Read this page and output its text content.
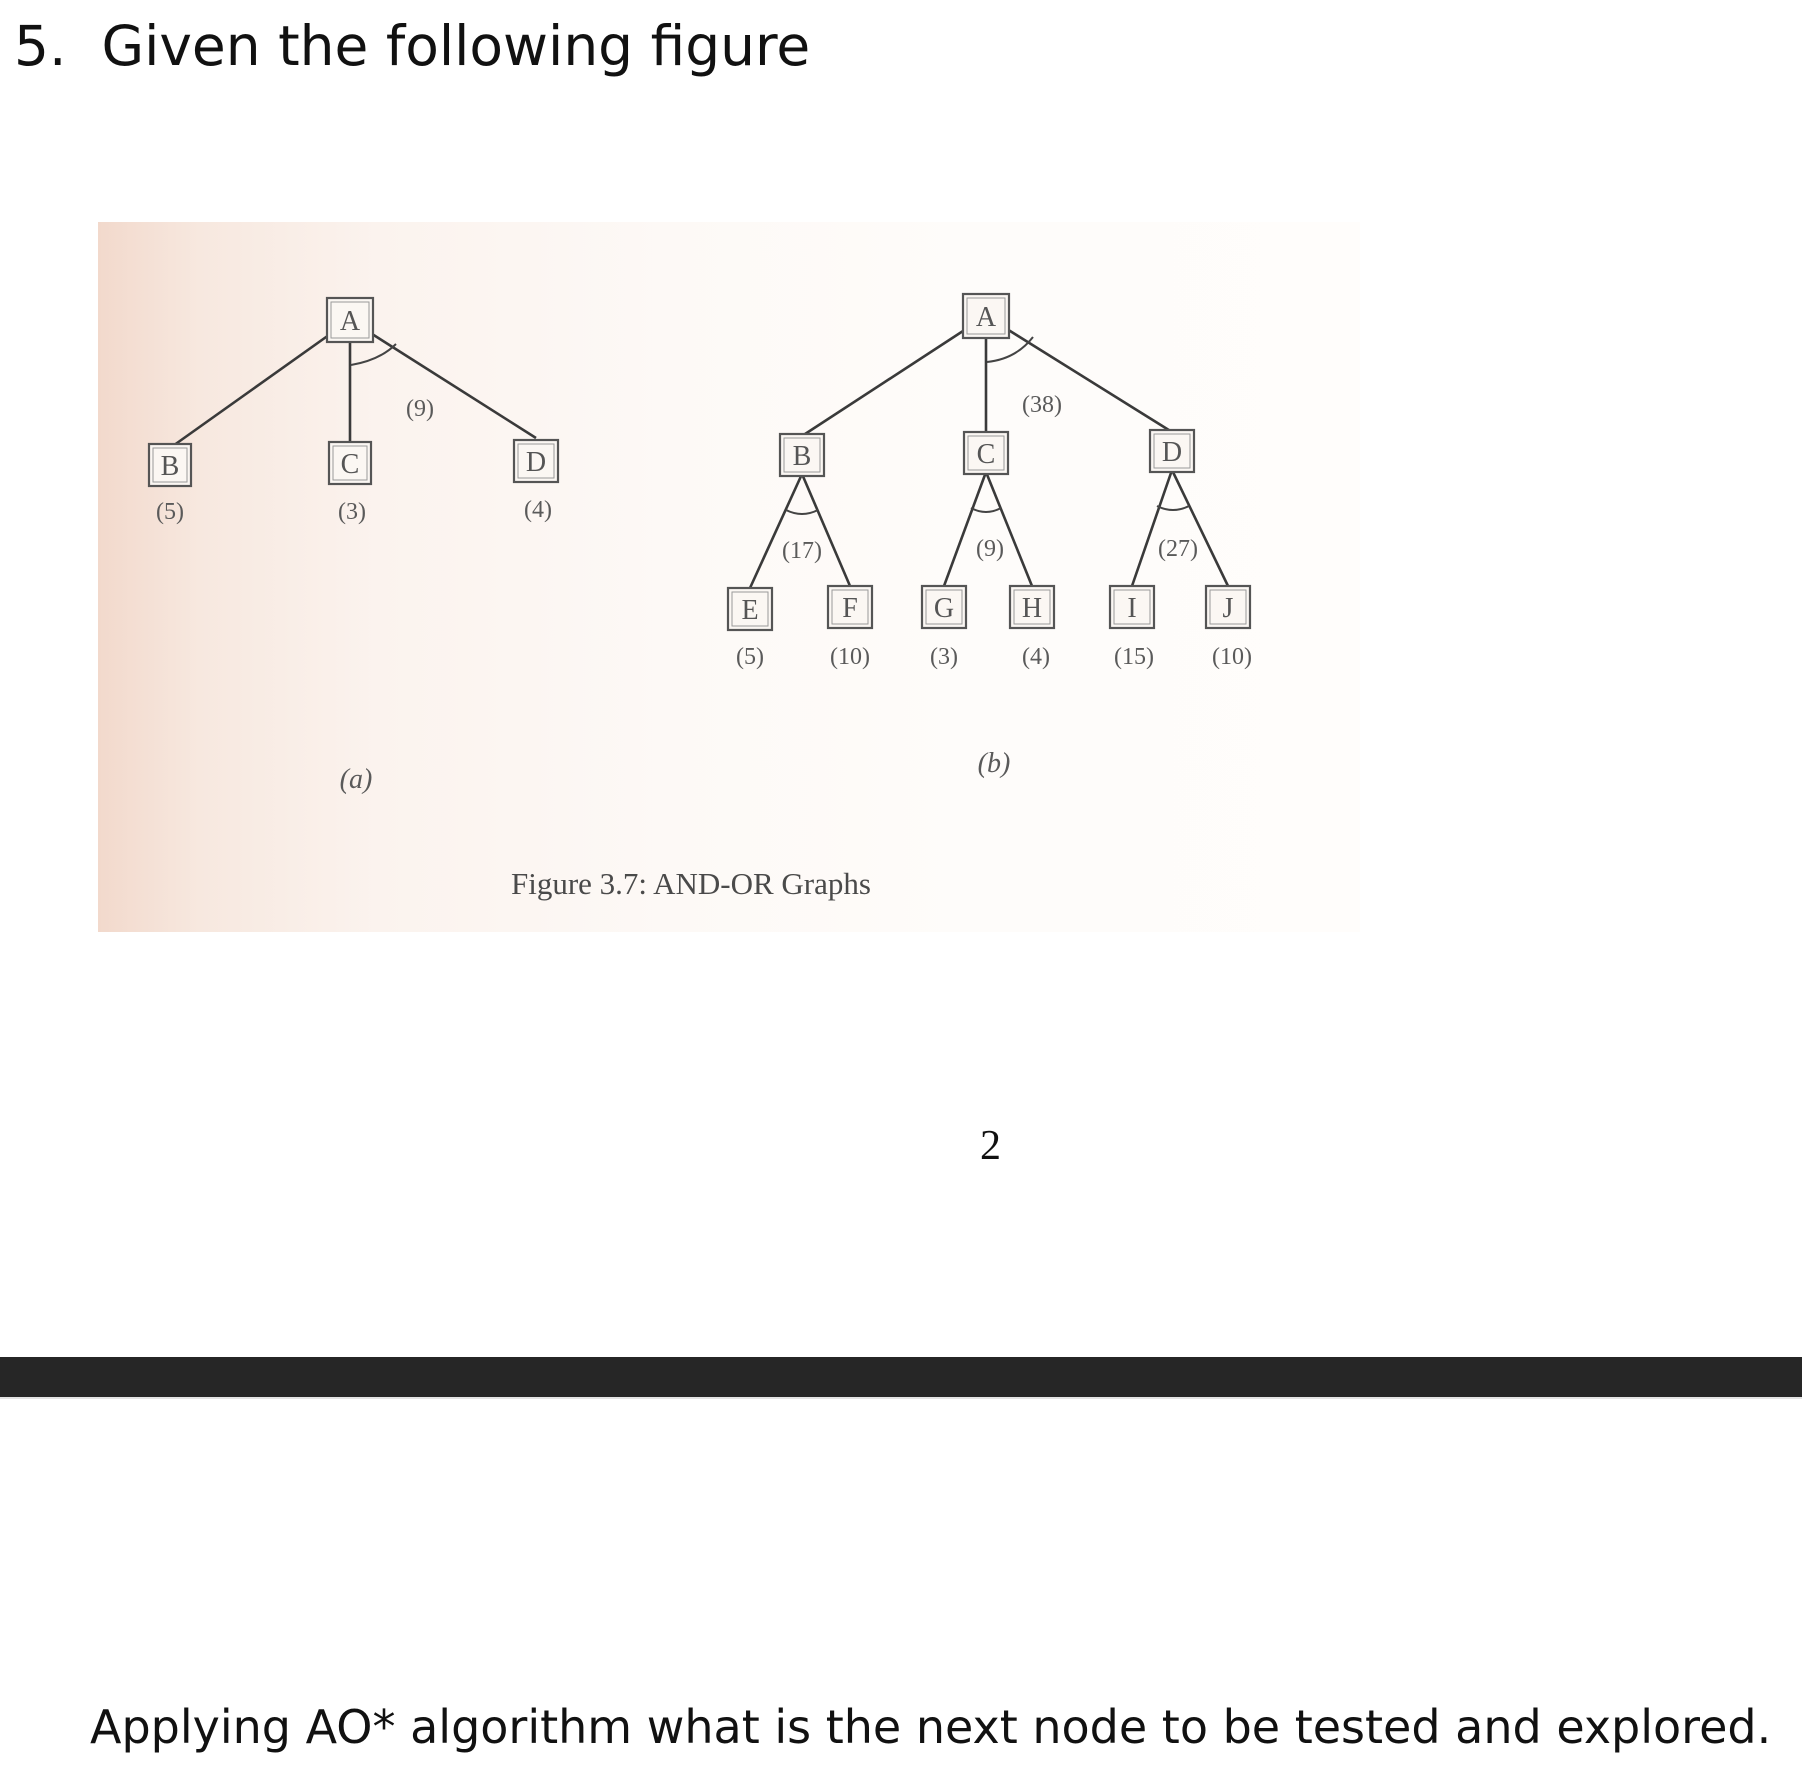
5. Given the following figure
A
(9)
B
(5)
C
(3)
D
(4)
(a)
A
(38)
B
(17)
C
(9)
D
(27)
E
(5)
F
(10)
G
(3)
H
(4)
I
(15)
J
(10)
(b)
Figure 3.7: AND-OR Graphs
2
Applying AO* algorithm what is the next node to be tested and explored.
